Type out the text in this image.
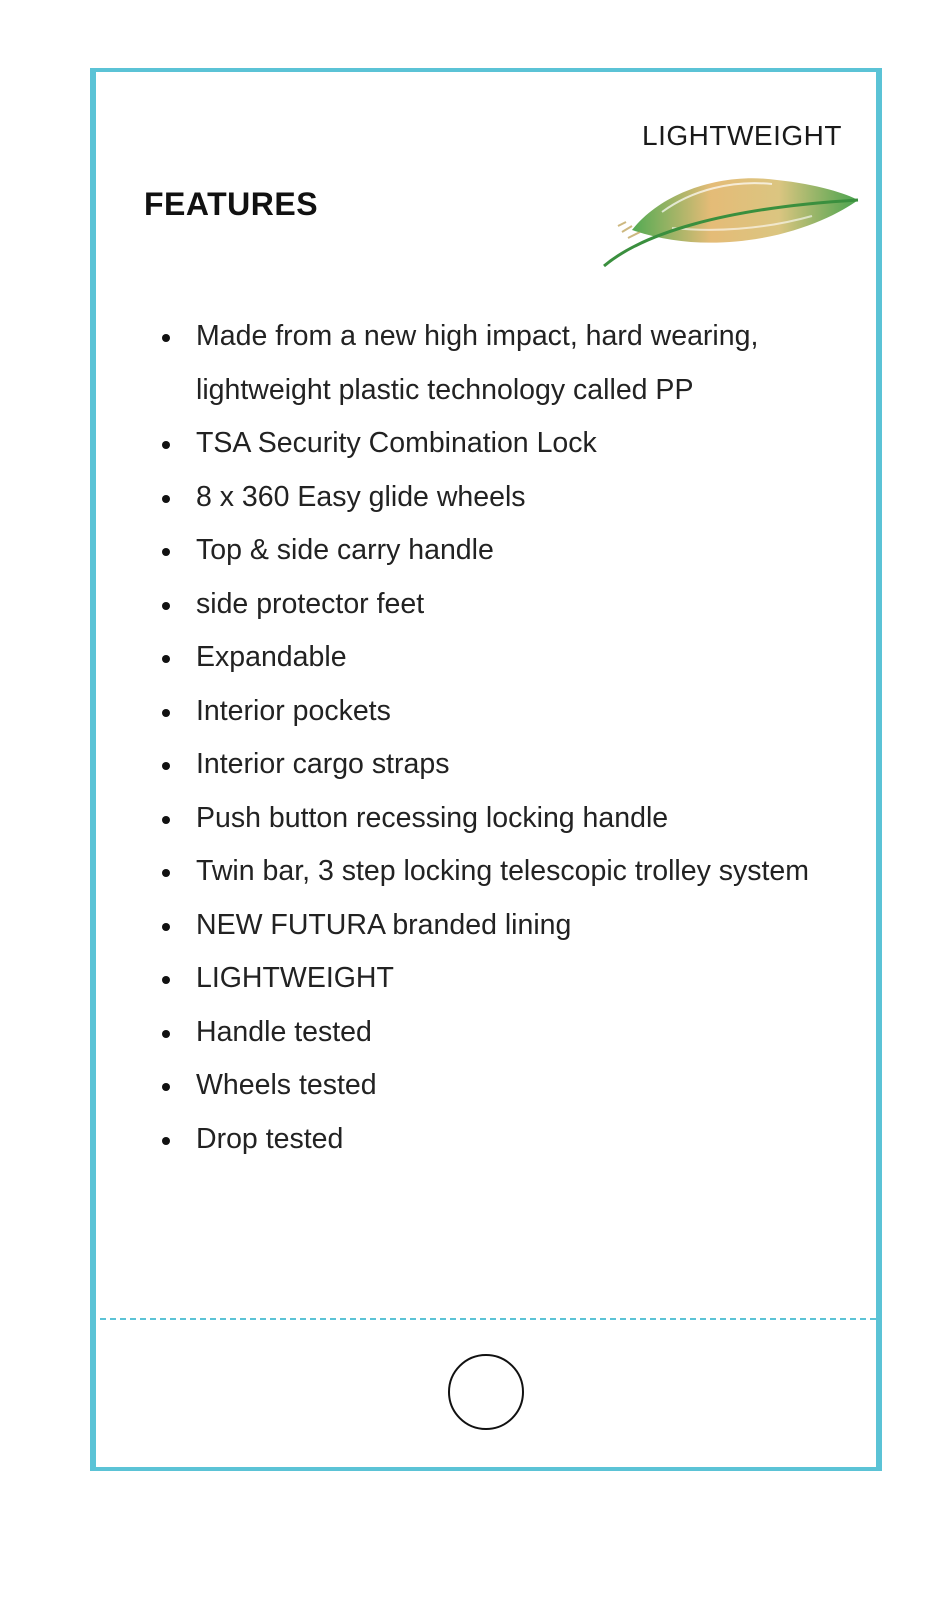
LIGHTWEIGHT
FEATURES
Made from a new high impact, hard wearing, lightweight plastic technology called PP
TSA Security Combination Lock
8 x 360 Easy glide wheels
Top & side carry handle
side protector feet
Expandable
Interior pockets
Interior cargo straps
Push button recessing locking handle
Twin bar, 3 step locking telescopic trolley system
NEW FUTURA branded lining
LIGHTWEIGHT
Handle tested
Wheels tested
Drop tested
